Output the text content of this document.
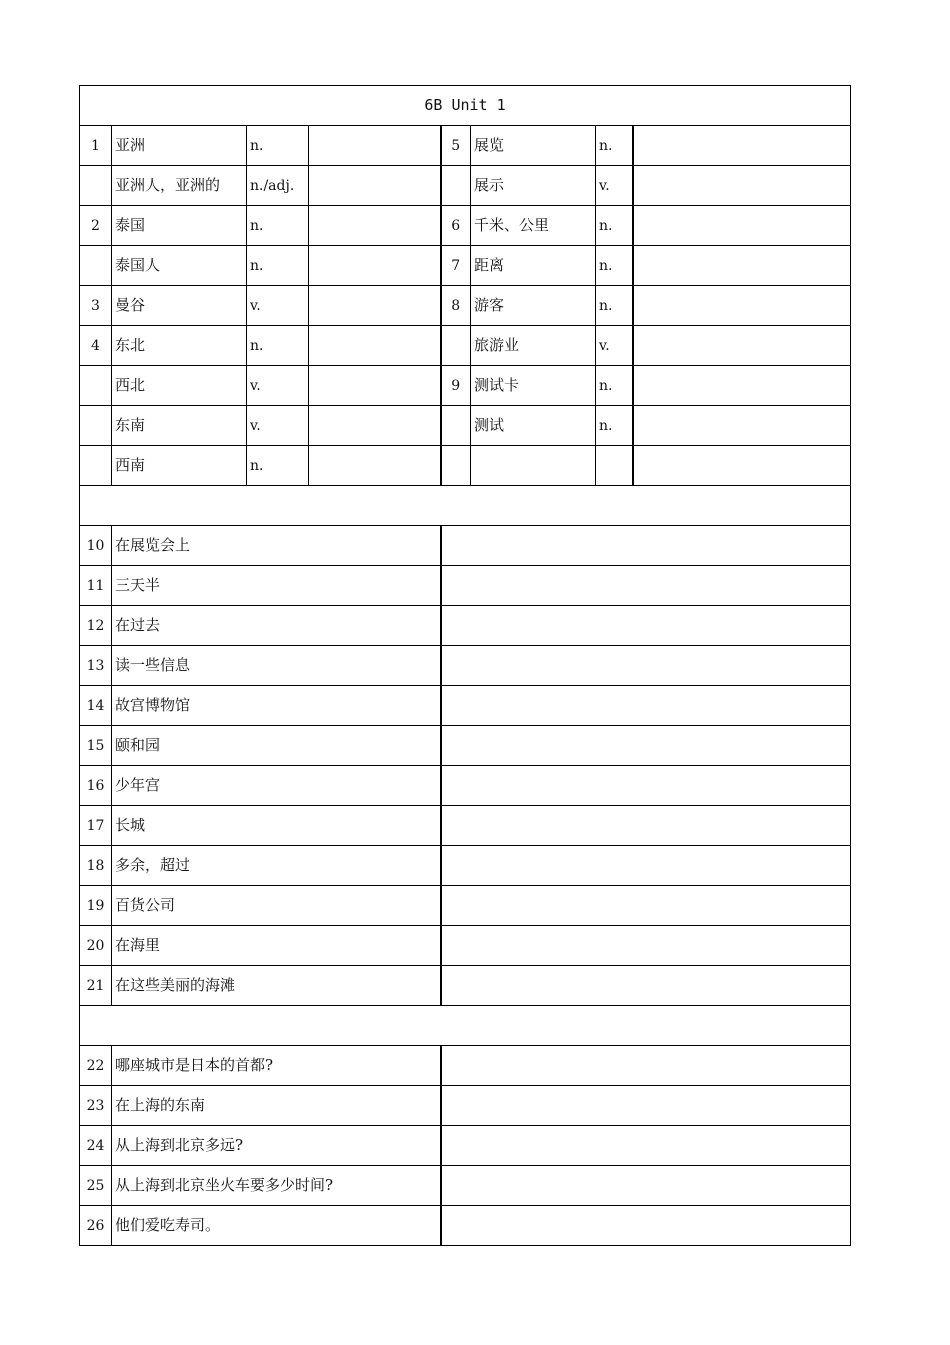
6B Unit 1							
1	亚洲	n.		5	展览	n.	
	亚洲人，亚洲的	n./adj.			展示	v.	
2	泰国	n.		6	千米、公里	n.	
	泰国人	n.		7	距离	n.	
3	曼谷	v.		8	游客	n.	
4	东北	n.			旅游业	v.	
	西北	v.		9	测试卡	n.	
	东南	v.			测试	n.	
	西南	n.					

10	在展览会上						
11	三天半						
12	在过去						
13	读一些信息						
14	故宫博物馆						
15	颐和园						
16	少年宫						
17	长城						
18	多余，超过						
19	百货公司						
20	在海里						
21	在这些美丽的海滩						

22	哪座城市是日本的首都?						
23	在上海的东南						
24	从上海到北京多远?						
25	从上海到北京坐火车要多少时间?						
26	他们爱吃寿司。						
